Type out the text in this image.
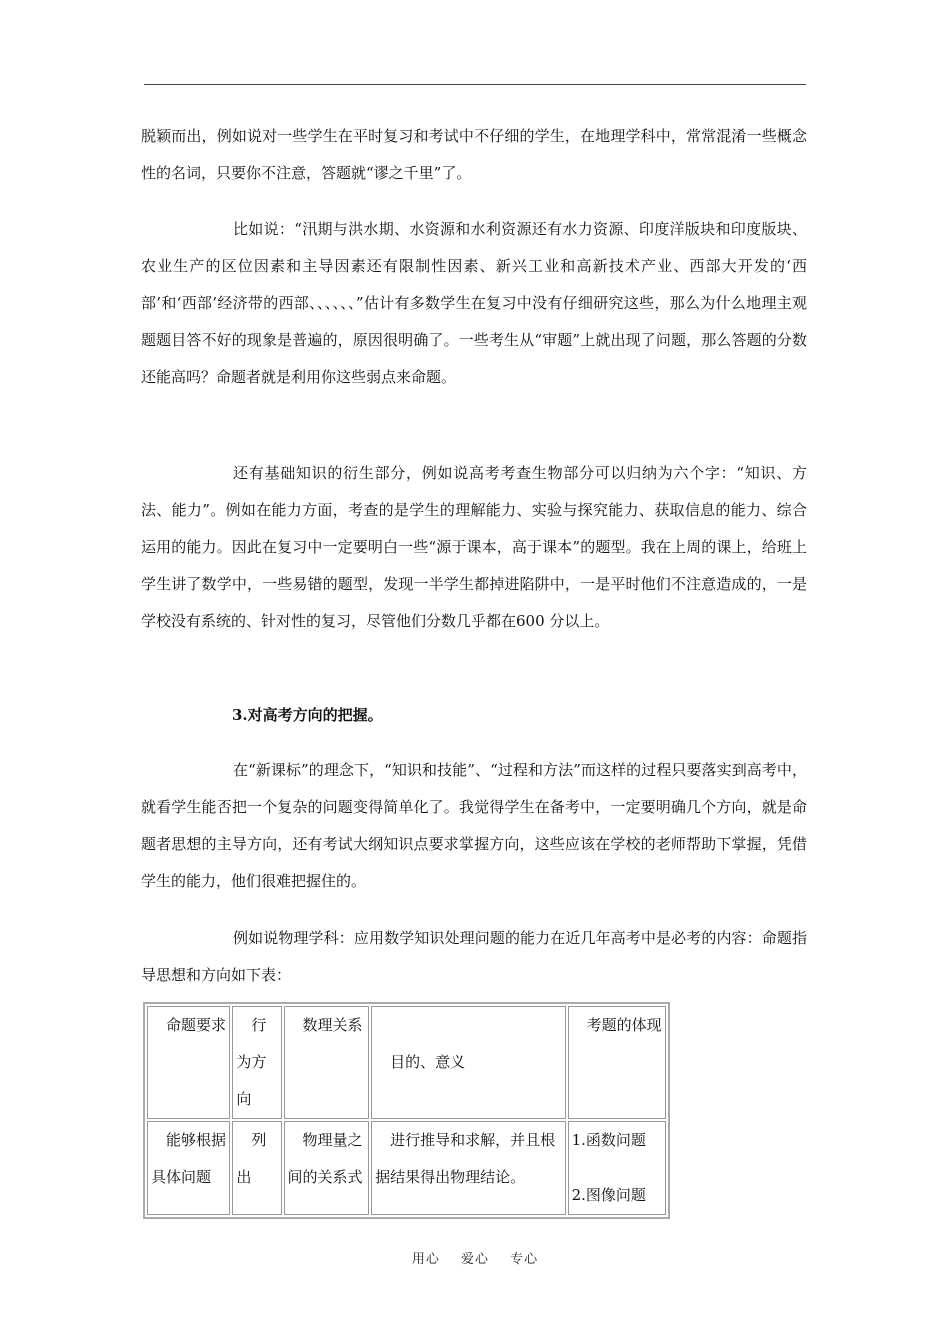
脱颖而出，例如说对一些学生在平时复习和考试中不仔细的学生，在地理学科中，常常混淆一些概念性的名词，只要你不注意，答题就“谬之千里”了。

比如说：“汛期与洪水期、水资源和水利资源还有水力资源、印度洋版块和印度版块、农业生产的区位因素和主导因素还有限制性因素、新兴工业和高新技术产业、西部大开发的‘西部’和‘西部’经济带的西部、、、、、、”估计有多数学生在复习中没有仔细研究这些，那么为什么地理主观题题目答不好的现象是普遍的，原因很明确了。一些考生从“审题”上就出现了问题，那么答题的分数还能高吗？命题者就是利用你这些弱点来命题。

还有基础知识的衍生部分，例如说高考考查生物部分可以归纳为六个字：“知识、方法、能力”。例如在能力方面，考查的是学生的理解能力、实验与探究能力、获取信息的能力、综合运用的能力。因此在复习中一定要明白一些“源于课本，高于课本”的题型。我在上周的课上，给班上学生讲了数学中，一些易错的题型，发现一半学生都掉进陷阱中，一是平时他们不注意造成的，一是学校没有系统的、针对性的复习，尽管他们分数几乎都在600 分以上。

3.对高考方向的把握。

在“新课标”的理念下，“知识和技能”、“过程和方法”而这样的过程只要落实到高考中，就看学生能否把一个复杂的问题变得简单化了。我觉得学生在备考中，一定要明确几个方向，就是命题者思想的主导方向，还有考试大纲知识点要求掌握方向，这些应该在学校的老师帮助下掌握，凭借学生的能力，他们很难把握住的。

例如说物理学科：应用数学知识处理问题的能力在近几年高考中是必考的内容：命题指导思想和方向如下表：

命题要求	行为方向	数理关系	目的、意义	考题的体现
能够根据具体问题	列出	物理量之间的关系式	进行推导和求解，并且根据结果得出物理结论。	1.函数问题
2.图像问题
用心 爱心 专心
